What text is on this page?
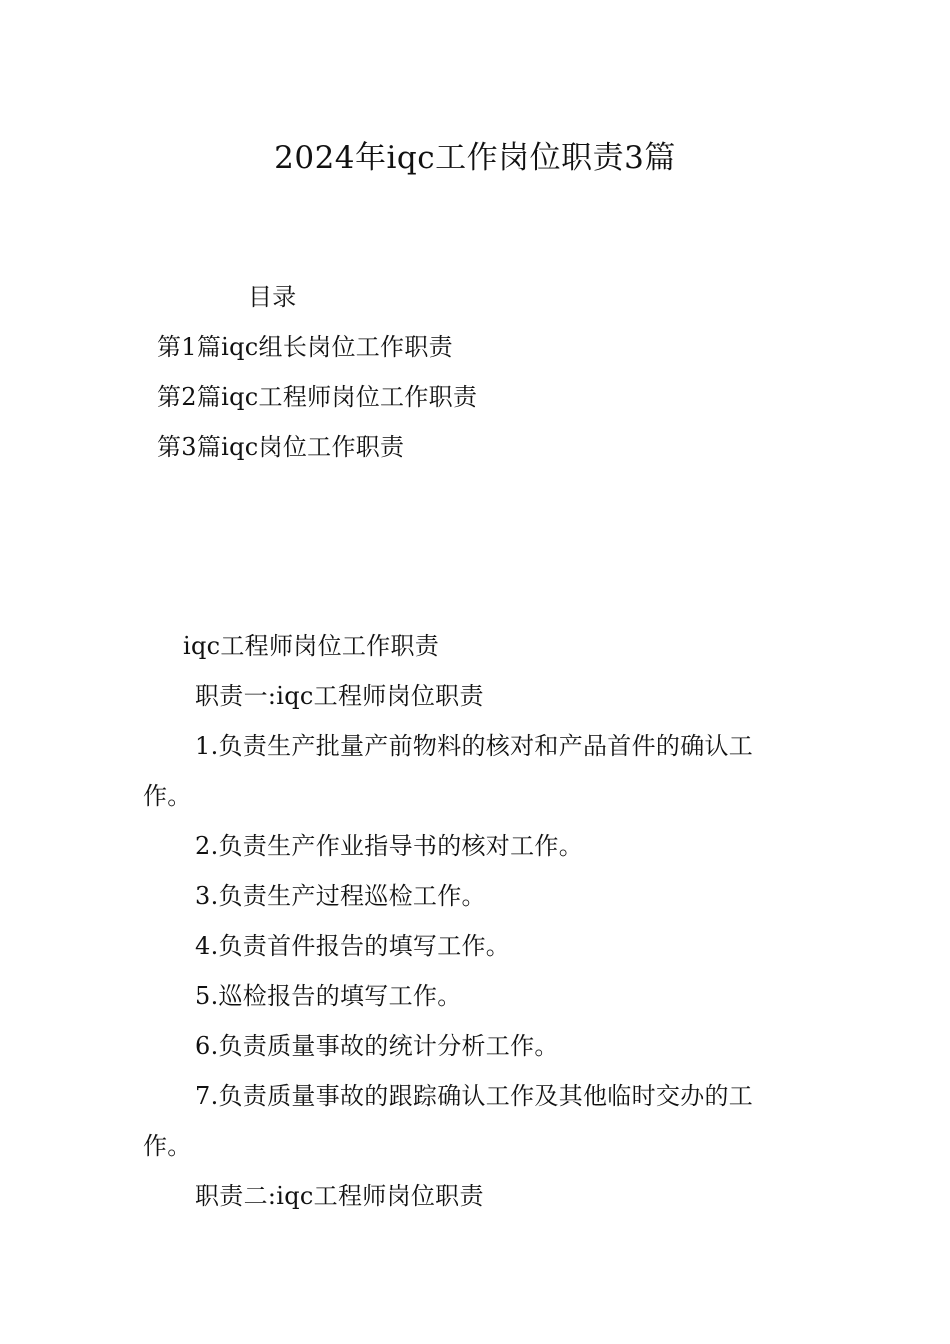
2024年iqc工作岗位职责3篇
目录
第1篇iqc组长岗位工作职责
第2篇iqc工程师岗位工作职责
第3篇iqc岗位工作职责
iqc工程师岗位工作职责
职责一:iqc工程师岗位职责
1.负责生产批量产前物料的核对和产品首件的确认工
作。
2.负责生产作业指导书的核对工作。
3.负责生产过程巡检工作。
4.负责首件报告的填写工作。
5.巡检报告的填写工作。
6.负责质量事故的统计分析工作。
7.负责质量事故的跟踪确认工作及其他临时交办的工
作。
职责二:iqc工程师岗位职责
